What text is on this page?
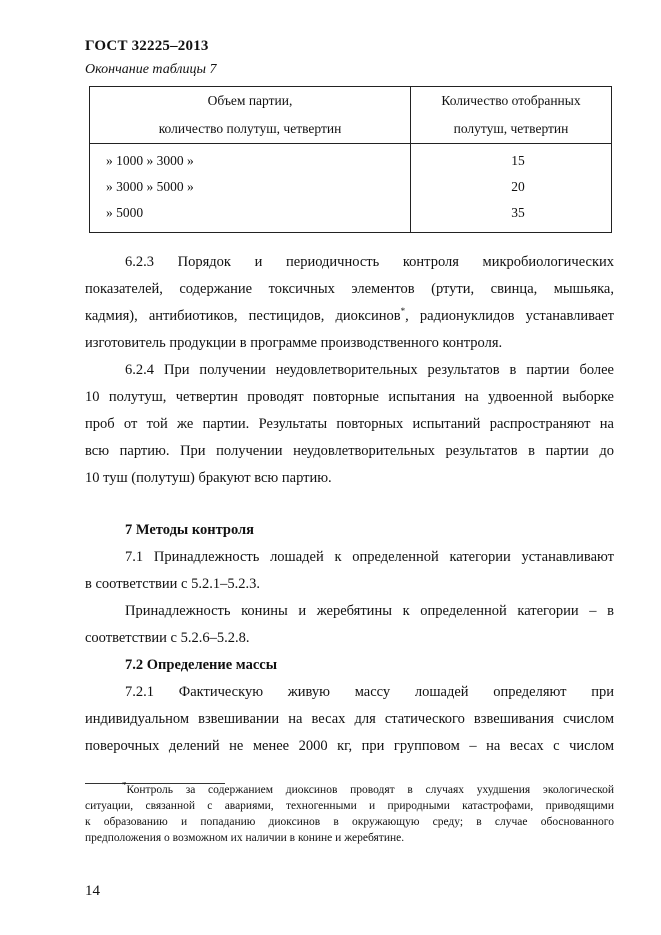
ГОСТ 32225–2013
Окончание таблицы 7
Объем партии,
количество полутуш, четвертин	Количество отобранных
полутуш, четвертин
» 1000 » 3000 »	15
» 3000 » 5000 »	20
» 5000	35
6.2.3 Порядок и периодичность контроля микробиологических
показателей, содержание токсичных элементов (ртути, свинца, мышьяка,
кадмия), антибиотиков, пестицидов, диоксинов*, радионуклидов устанавливает
изготовитель продукции в программе производственного контроля.
6.2.4 При получении неудовлетворительных результатов в партии более
10 полутуш, четвертин проводят повторные испытания на удвоенной выборке
проб от той же партии. Результаты повторных испытаний распространяют на
всю партию. При получении неудовлетворительных результатов в партии до
10 туш (полутуш) бракуют всю партию.
7 Методы контроля
7.1 Принадлежность лошадей к определенной категории устанавливают
в соответствии с 5.2.1–5.2.3.
Принадлежность конины и жеребятины к определенной категории – в
соответствии с 5.2.6–5.2.8.
7.2 Определение массы
7.2.1 Фактическую живую массу лошадей определяют при
индивидуальном взвешивании на весах для статического взвешивания счислом
поверочных делений не менее 2000 кг, при групповом – на весах с числом
*Контроль за содержанием диоксинов проводят в случаях ухудшения экологической
ситуации, связанной с авариями, техногенными и природными катастрофами, приводящими
к образованию и попаданию диоксинов в окружающую среду; в случае обоснованного
предположения о возможном их наличии в конине и жеребятине.
14
